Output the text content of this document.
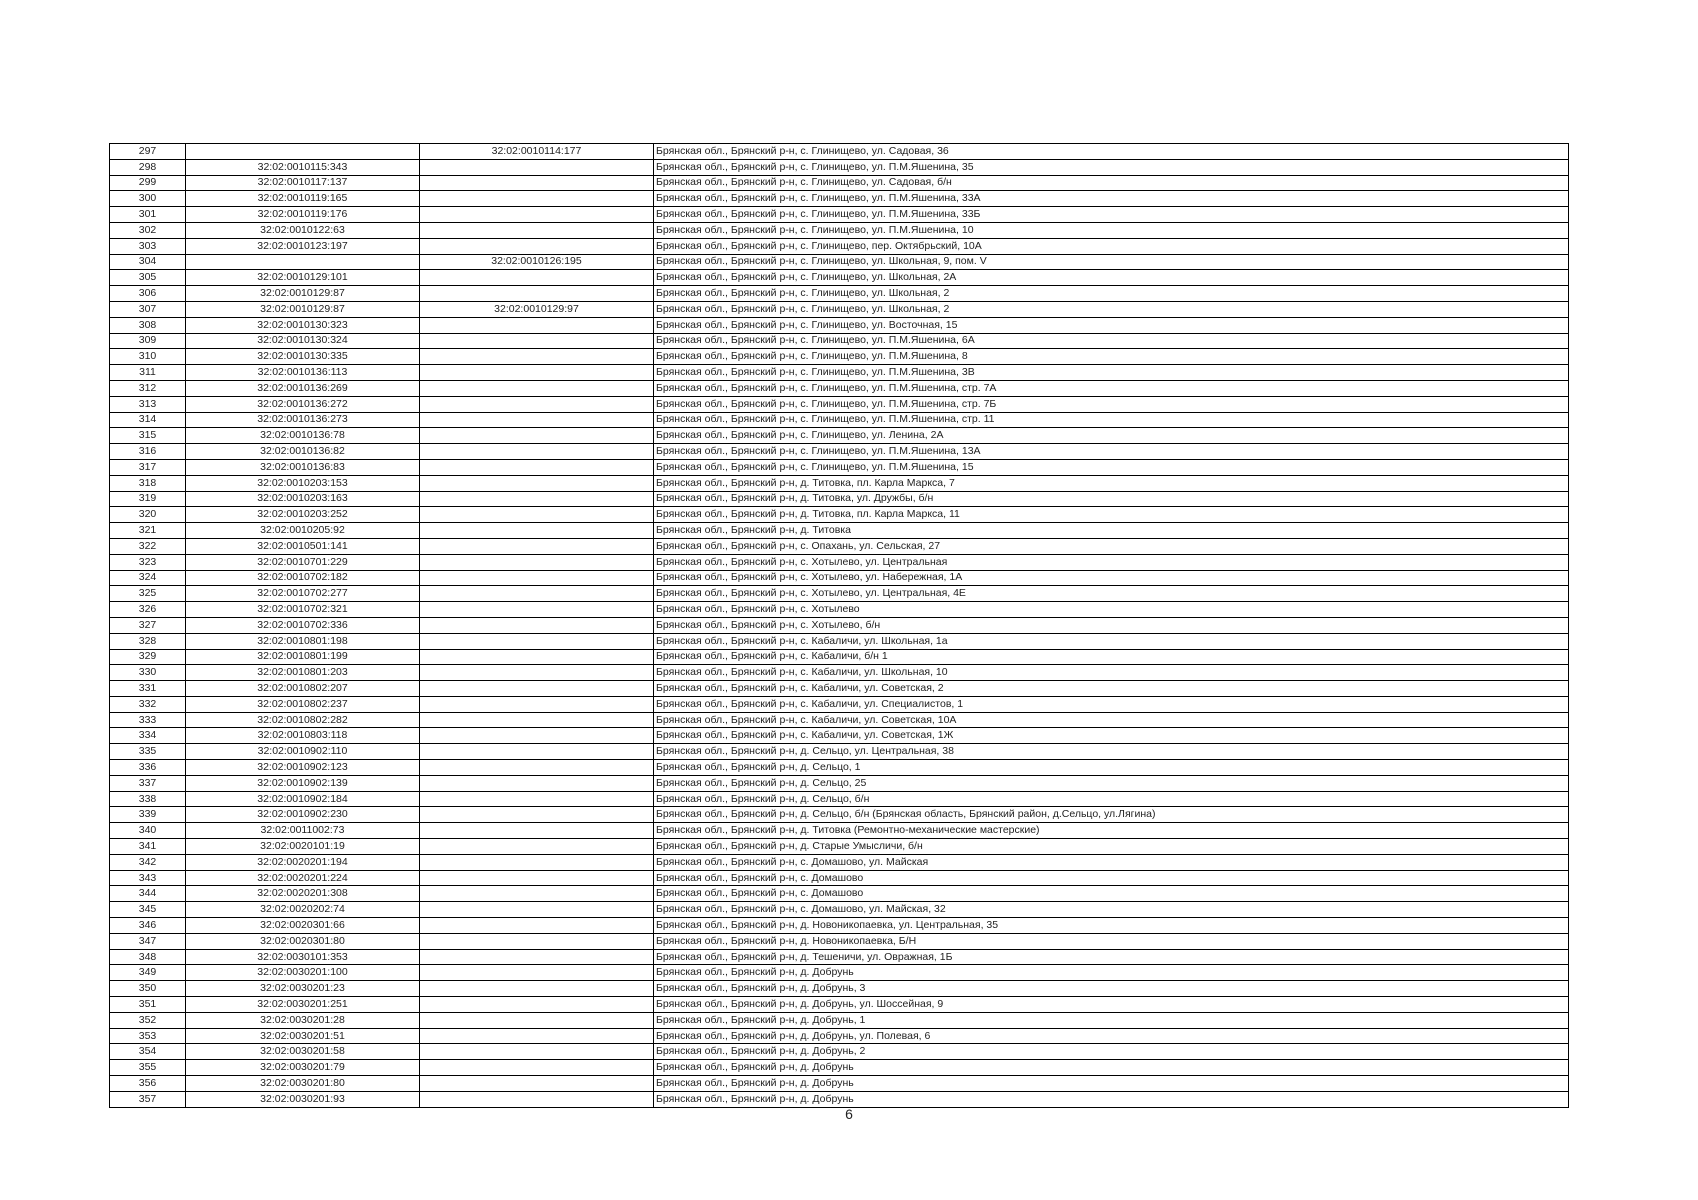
297		32:02:0010114:177	Брянская обл., Брянский р-н, с. Глинищево, ул. Садовая, 36
298	32:02:0010115:343		Брянская обл., Брянский р-н, с. Глинищево, ул. П.М.Яшенина, 35
299	32:02:0010117:137		Брянская обл., Брянский р-н, с. Глинищево, ул. Садовая, б/н
300	32:02:0010119:165		Брянская обл., Брянский р-н, с. Глинищево, ул. П.М.Яшенина, 33А
301	32:02:0010119:176		Брянская обл., Брянский р-н, с. Глинищево, ул. П.М.Яшенина, 33Б
302	32:02:0010122:63		Брянская обл., Брянский р-н, с. Глинищево, ул. П.М.Яшенина, 10
303	32:02:0010123:197		Брянская обл., Брянский р-н, с. Глинищево, пер. Октябрьский, 10А
304		32:02:0010126:195	Брянская обл., Брянский р-н, с. Глинищево, ул. Школьная, 9, пом. V
305	32:02:0010129:101		Брянская обл., Брянский р-н, с. Глинищево, ул. Школьная, 2А
306	32:02:0010129:87		Брянская обл., Брянский р-н, с. Глинищево, ул. Школьная, 2
307	32:02:0010129:87	32:02:0010129:97	Брянская обл., Брянский р-н, с. Глинищево, ул. Школьная, 2
308	32:02:0010130:323		Брянская обл., Брянский р-н, с. Глинищево, ул. Восточная, 15
309	32:02:0010130:324		Брянская обл., Брянский р-н, с. Глинищево, ул. П.М.Яшенина, 6А
310	32:02:0010130:335		Брянская обл., Брянский р-н, с. Глинищево, ул. П.М.Яшенина, 8
311	32:02:0010136:113		Брянская обл., Брянский р-н, с. Глинищево, ул. П.М.Яшенина, 3В
312	32:02:0010136:269		Брянская обл., Брянский р-н, с. Глинищево, ул. П.М.Яшенина, стр. 7А
313	32:02:0010136:272		Брянская обл., Брянский р-н, с. Глинищево, ул. П.М.Яшенина, стр. 7Б
314	32:02:0010136:273		Брянская обл., Брянский р-н, с. Глинищево, ул. П.М.Яшенина, стр. 11
315	32:02:0010136:78		Брянская обл., Брянский р-н, с. Глинищево, ул. Ленина, 2А
316	32:02:0010136:82		Брянская обл., Брянский р-н, с. Глинищево, ул. П.М.Яшенина, 13А
317	32:02:0010136:83		Брянская обл., Брянский р-н, с. Глинищево, ул. П.М.Яшенина, 15
318	32:02:0010203:153		Брянская обл., Брянский р-н, д. Титовка, пл. Карла Маркса, 7
319	32:02:0010203:163		Брянская обл., Брянский р-н, д. Титовка, ул. Дружбы, б/н
320	32:02:0010203:252		Брянская обл., Брянский р-н, д. Титовка, пл. Карла Маркса, 11
321	32:02:0010205:92		Брянская обл., Брянский р-н, д. Титовка
322	32:02:0010501:141		Брянская обл., Брянский р-н, с. Опахань, ул. Сельская, 27
323	32:02:0010701:229		Брянская обл., Брянский р-н, с. Хотылево, ул. Центральная
324	32:02:0010702:182		Брянская обл., Брянский р-н, с. Хотылево, ул. Набережная, 1А
325	32:02:0010702:277		Брянская обл., Брянский р-н, с. Хотылево, ул. Центральная, 4Е
326	32:02:0010702:321		Брянская обл., Брянский р-н, с. Хотылево
327	32:02:0010702:336		Брянская обл., Брянский р-н, с. Хотылево, б/н
328	32:02:0010801:198		Брянская обл., Брянский р-н, с. Кабаличи, ул. Школьная, 1а
329	32:02:0010801:199		Брянская обл., Брянский р-н, с. Кабаличи, б/н 1
330	32:02:0010801:203		Брянская обл., Брянский р-н, с. Кабаличи, ул. Школьная, 10
331	32:02:0010802:207		Брянская обл., Брянский р-н, с. Кабаличи, ул. Советская, 2
332	32:02:0010802:237		Брянская обл., Брянский р-н, с. Кабаличи, ул. Специалистов, 1
333	32:02:0010802:282		Брянская обл., Брянский р-н, с. Кабаличи, ул. Советская, 10А
334	32:02:0010803:118		Брянская обл., Брянский р-н, с. Кабаличи, ул. Советская, 1Ж
335	32:02:0010902:110		Брянская обл., Брянский р-н, д. Сельцо, ул. Центральная, 38
336	32:02:0010902:123		Брянская обл., Брянский р-н, д. Сельцо, 1
337	32:02:0010902:139		Брянская обл., Брянский р-н, д. Сельцо, 25
338	32:02:0010902:184		Брянская обл., Брянский р-н, д. Сельцо, б/н
339	32:02:0010902:230		Брянская обл., Брянский р-н, д. Сельцо, б/н (Брянская область, Брянский район, д.Сельцо, ул.Лягина)
340	32:02:0011002:73		Брянская обл., Брянский р-н, д. Титовка (Ремонтно-механические мастерские)
341	32:02:0020101:19		Брянская обл., Брянский р-н, д. Старые Умысличи, б/н
342	32:02:0020201:194		Брянская обл., Брянский р-н, с. Домашово, ул. Майская
343	32:02:0020201:224		Брянская обл., Брянский р-н, с. Домашово
344	32:02:0020201:308		Брянская обл., Брянский р-н, с. Домашово
345	32:02:0020202:74		Брянская обл., Брянский р-н, с. Домашово, ул. Майская, 32
346	32:02:0020301:66		Брянская обл., Брянский р-н, д. Новоникопаевка, ул. Центральная, 35
347	32:02:0020301:80		Брянская обл., Брянский р-н, д. Новоникопаевка, Б/Н
348	32:02:0030101:353		Брянская обл., Брянский р-н, д. Тешеничи, ул. Овражная, 1Б
349	32:02:0030201:100		Брянская обл., Брянский р-н, д. Добрунь
350	32:02:0030201:23		Брянская обл., Брянский р-н, д. Добрунь, 3
351	32:02:0030201:251		Брянская обл., Брянский р-н, д. Добрунь, ул. Шоссейная, 9
352	32:02:0030201:28		Брянская обл., Брянский р-н, д. Добрунь, 1
353	32:02:0030201:51		Брянская обл., Брянский р-н, д. Добрунь, ул. Полевая, 6
354	32:02:0030201:58		Брянская обл., Брянский р-н, д. Добрунь, 2
355	32:02:0030201:79		Брянская обл., Брянский р-н, д. Добрунь
356	32:02:0030201:80		Брянская обл., Брянский р-н, д. Добрунь
357	32:02:0030201:93		Брянская обл., Брянский р-н, д. Добрунь
6
